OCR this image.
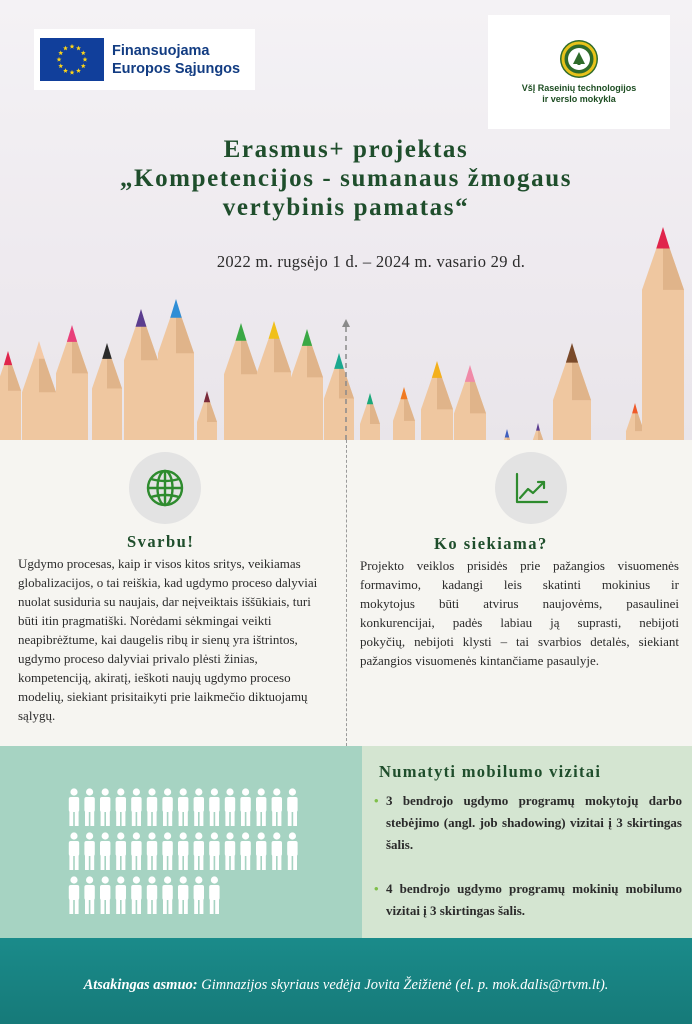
Finansuojama
Europos Sąjungos
VšĮ Raseinių technologijos
ir verslo mokykla
Erasmus+ projektas
„Kompetencijos - sumanaus žmogaus
vertybinis pamatas“
2022 m. rugsėjo 1 d. – 2024 m. vasario 29 d.
Svarbu!
Ugdymo procesas, kaip ir visos kitos sritys, veikiamas
globalizacijos, o tai reiškia, kad ugdymo proceso dalyviai
nuolat susiduria su naujais, dar neįveiktais iššūkiais, turi
būti itin pragmatiški. Norėdami sėkmingai veikti
neapibrėžtume, kai daugelis ribų ir sienų yra ištrintos,
ugdymo proceso dalyviai privalo plėsti žinias,
kompetenciją, akiratį, ieškoti naujų ugdymo proceso
modelių, siekiant prisitaikyti prie laikmečio diktuojamų
sąlygų.
Ko siekiama?
Projekto veiklos prisidės prie pažangios visuomenės
formavimo, kadangi leis skatinti mokinius ir
mokytojus būti atvirus naujovėms, pasaulinei
konkurencijai, padės labiau ją suprasti, nebijoti
pokyčių, nebijoti klysti – tai svarbios detalės, siekiant
pažangios visuomenės kintančiame pasaulyje.
Numatyti mobilumo vizitai
• 3 bendrojo ugdymo programų mokytojų darbo stebėjimo (angl. job shadowing) vizitai į 3 skirtingas šalis.
• 4 bendrojo ugdymo programų mokinių mobilumo vizitai į 3 skirtingas šalis.
Atsakingas asmuo: Gimnazijos skyriaus vedėja Jovita Žeižienė (el. p. mok.dalis@rtvm.lt).
